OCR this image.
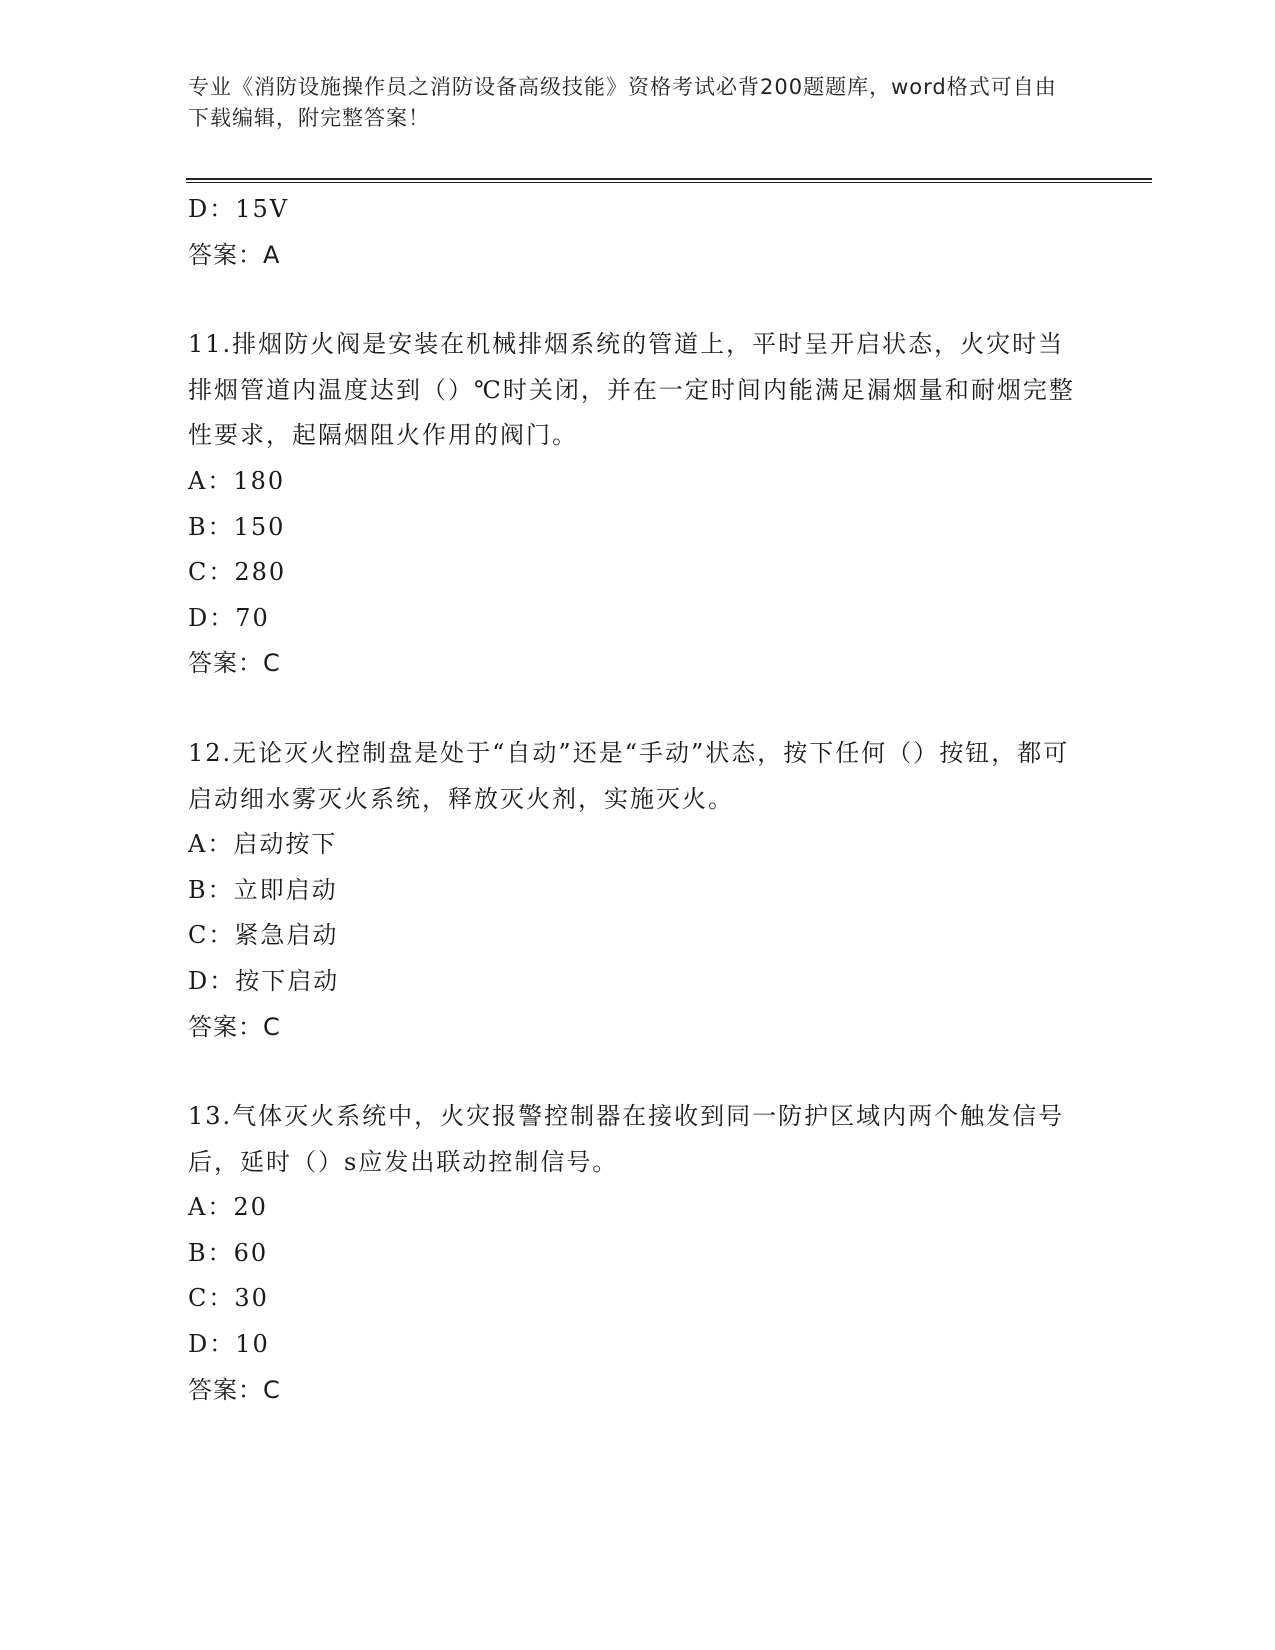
专业《消防设施操作员之消防设备高级技能》资格考试必背200题题库，word格式可自由下载编辑，附完整答案！
D：15V
答案：A
11.排烟防火阀是安装在机械排烟系统的管道上，平时呈开启状态，火灾时当排烟管道内温度达到（）℃时关闭，并在一定时间内能满足漏烟量和耐烟完整性要求，起隔烟阻火作用的阀门。
A：180
B：150
C：280
D：70
答案：C
12.无论灭火控制盘是处于“自动”还是“手动”状态，按下任何（）按钮，都可启动细水雾灭火系统，释放灭火剂，实施灭火。
A：启动按下
B：立即启动
C：紧急启动
D：按下启动
答案：C
13.气体灭火系统中，火灾报警控制器在接收到同一防护区域内两个触发信号后，延时（）s应发出联动控制信号。
A：20
B：60
C：30
D：10
答案：C
